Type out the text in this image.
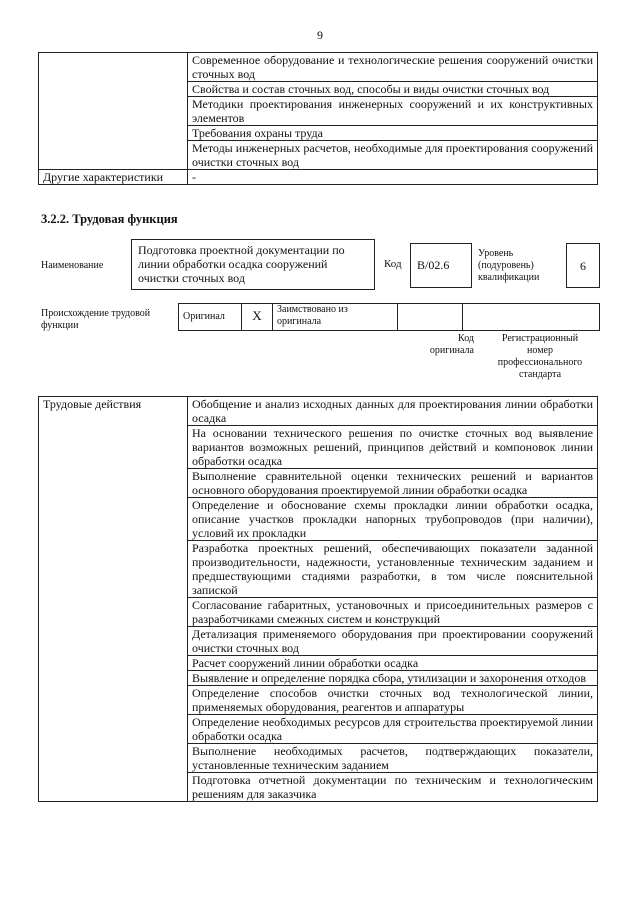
9
	Современное оборудование и технологические решения сооружений очистки сточных вод
	Свойства и состав сточных вод, способы и виды очистки сточных вод
	Методики проектирования инженерных сооружений и их конструктивных элементов
	Требования охраны труда
	Методы инженерных расчетов, необходимые для проектирования сооружений очистки сточных вод
Другие характеристики	-
3.2.2. Трудовая функция
Наименование
Подготовка проектной документации по линии обработки осадка сооружений очистки сточных вод
Код	B/02.6
Уровень (подуровень) квалификации
6
Происхождение трудовой функции
Оригинал	X	Заимствовано из оригинала		
Код оригинала
Регистрационный номер профессионального стандарта
Трудовые действия	Обобщение и анализ исходных данных для проектирования линии обработки осадка
На основании технического решения по очистке сточных вод выявление вариантов возможных решений, принципов действий и компоновок линии обработки осадка
Выполнение сравнительной оценки технических решений и вариантов основного оборудования проектируемой линии обработки осадка
Определение и обоснование схемы прокладки линии обработки осадка, описание участков прокладки напорных трубопроводов (при наличии), условий их прокладки
Разработка проектных решений, обеспечивающих показатели заданной производительности, надежности, установленные техническим заданием и предшествующими стадиями разработки, в том числе пояснительной запиской
Согласование габаритных, установочных и присоединительных размеров с разработчиками смежных систем и конструкций
Детализация применяемого оборудования при проектировании сооружений очистки сточных вод
Расчет сооружений линии обработки осадка
Выявление и определение порядка сбора, утилизации и захоронения отходов
Определение способов очистки сточных вод технологической линии, применяемых оборудования, реагентов и аппаратуры
Определение необходимых ресурсов для строительства проектируемой линии обработки осадка
Выполнение необходимых расчетов, подтверждающих показатели, установленные техническим заданием
Подготовка отчетной документации по техническим и технологическим решениям для заказчика
